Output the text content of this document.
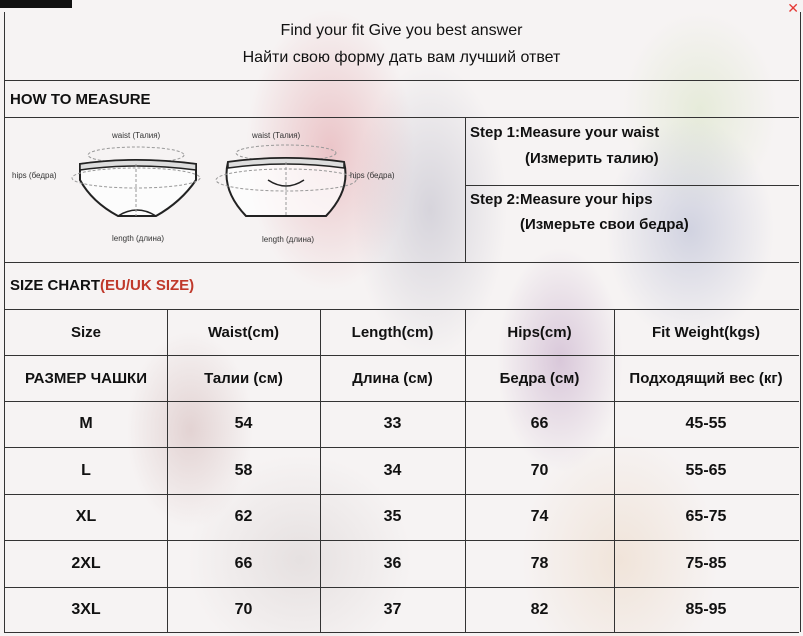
✕
Find your fit Give you best answer
Найти свою форму дать вам лучший ответ
HOW TO MEASURE
waist (Талия)
hips (бедра)
length (длина)
waist (Талия)
hips (бедра)
length (длина)
Step 1:Measure your waist
(Измерить талию)
Step 2:Measure your hips
(Измерьте свои бедра)
SIZE CHART(EU/UK SIZE)
Size	Waist(cm)	Length(cm)	Hips(cm)	Fit Weight(kgs)
РАЗМЕР ЧАШКИ	Талии (см)	Длина (см)	Бедра (см)	Подходящий вес (кг)
M	54	33	66	45-55
L	58	34	70	55-65
XL	62	35	74	65-75
2XL	66	36	78	75-85
3XL	70	37	82	85-95
